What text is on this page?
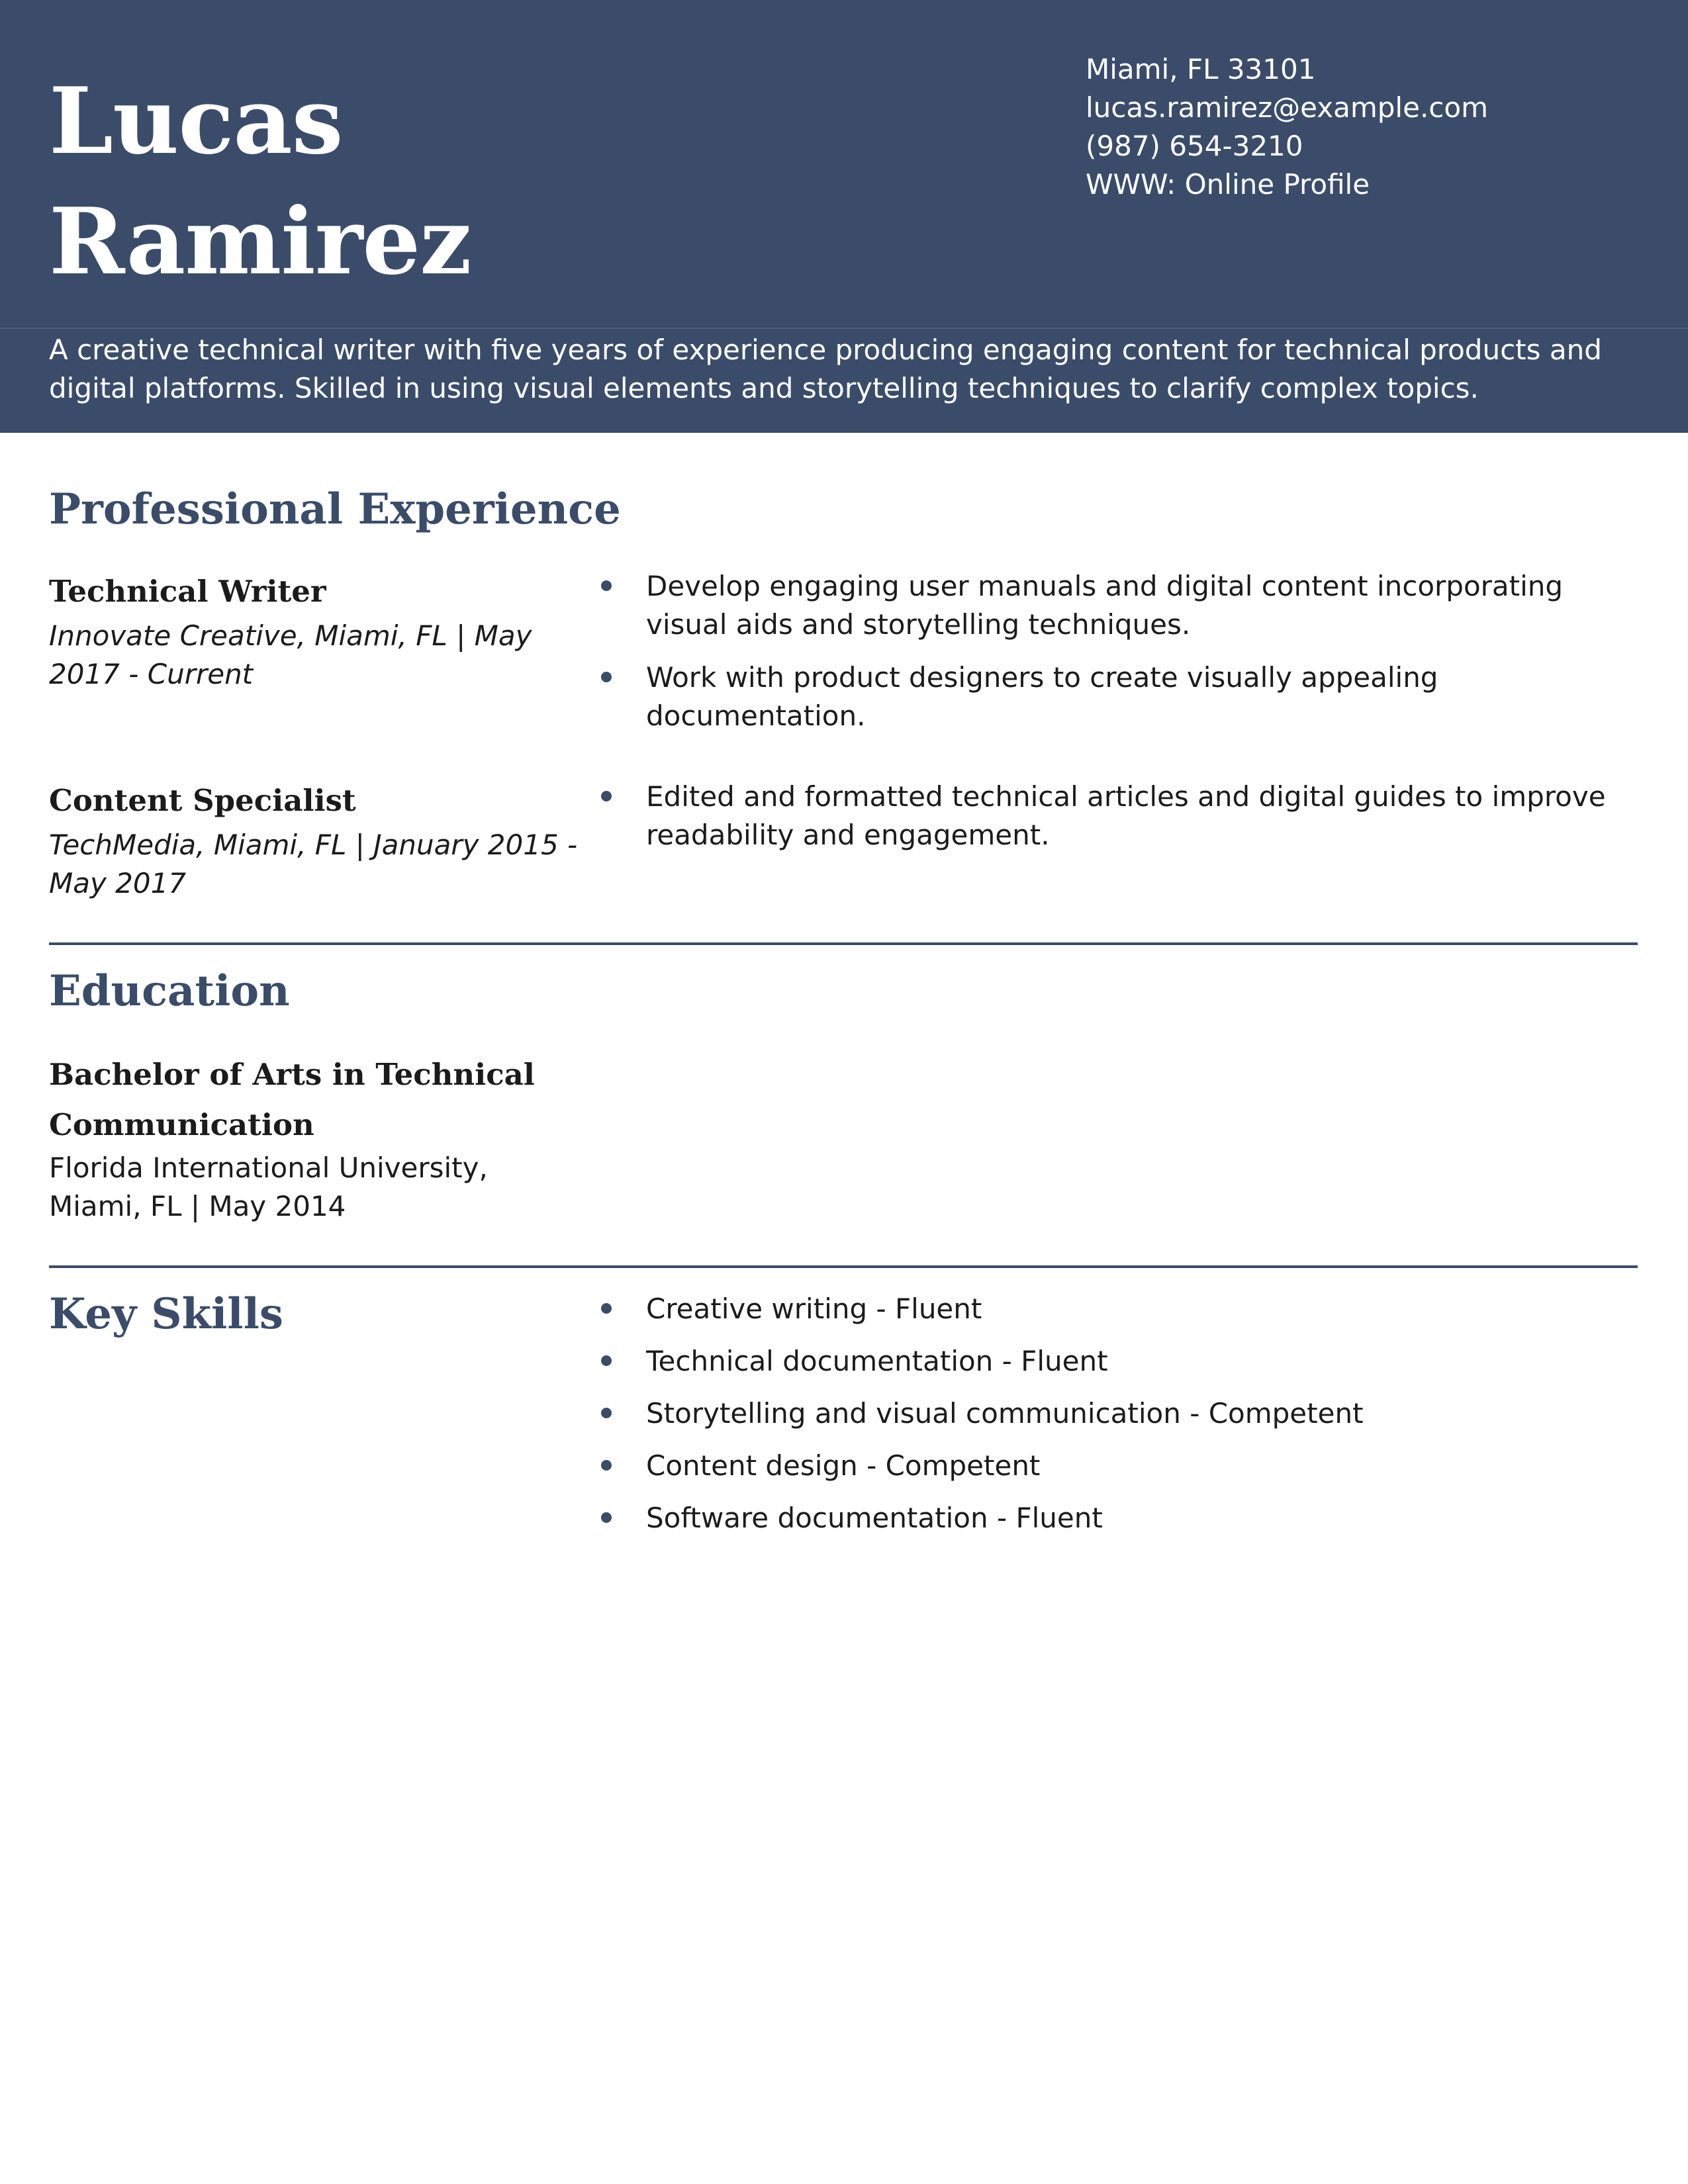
Lucas
Ramirez
Miami, FL 33101
lucas.ramirez@example.com
(987) 654-3210
WWW: Online Profile
A creative technical writer with five years of experience producing engaging content for technical products and digital platforms. Skilled in using visual elements and storytelling techniques to clarify complex topics.
Professional Experience
Technical Writer
Innovate Creative, Miami, FL | May 2017 - Current
Develop engaging user manuals and digital content incorporating visual aids and storytelling techniques.
Work with product designers to create visually appealing documentation.
Content Specialist
TechMedia, Miami, FL | January 2015 - May 2017
Edited and formatted technical articles and digital guides to improve readability and engagement.
Education
Bachelor of Arts in Technical Communication
Florida International University, Miami, FL | May 2014
Key Skills	Creative writing - Fluent
Technical documentation - Fluent
Storytelling and visual communication - Competent
Content design - Competent
Software documentation - Fluent
